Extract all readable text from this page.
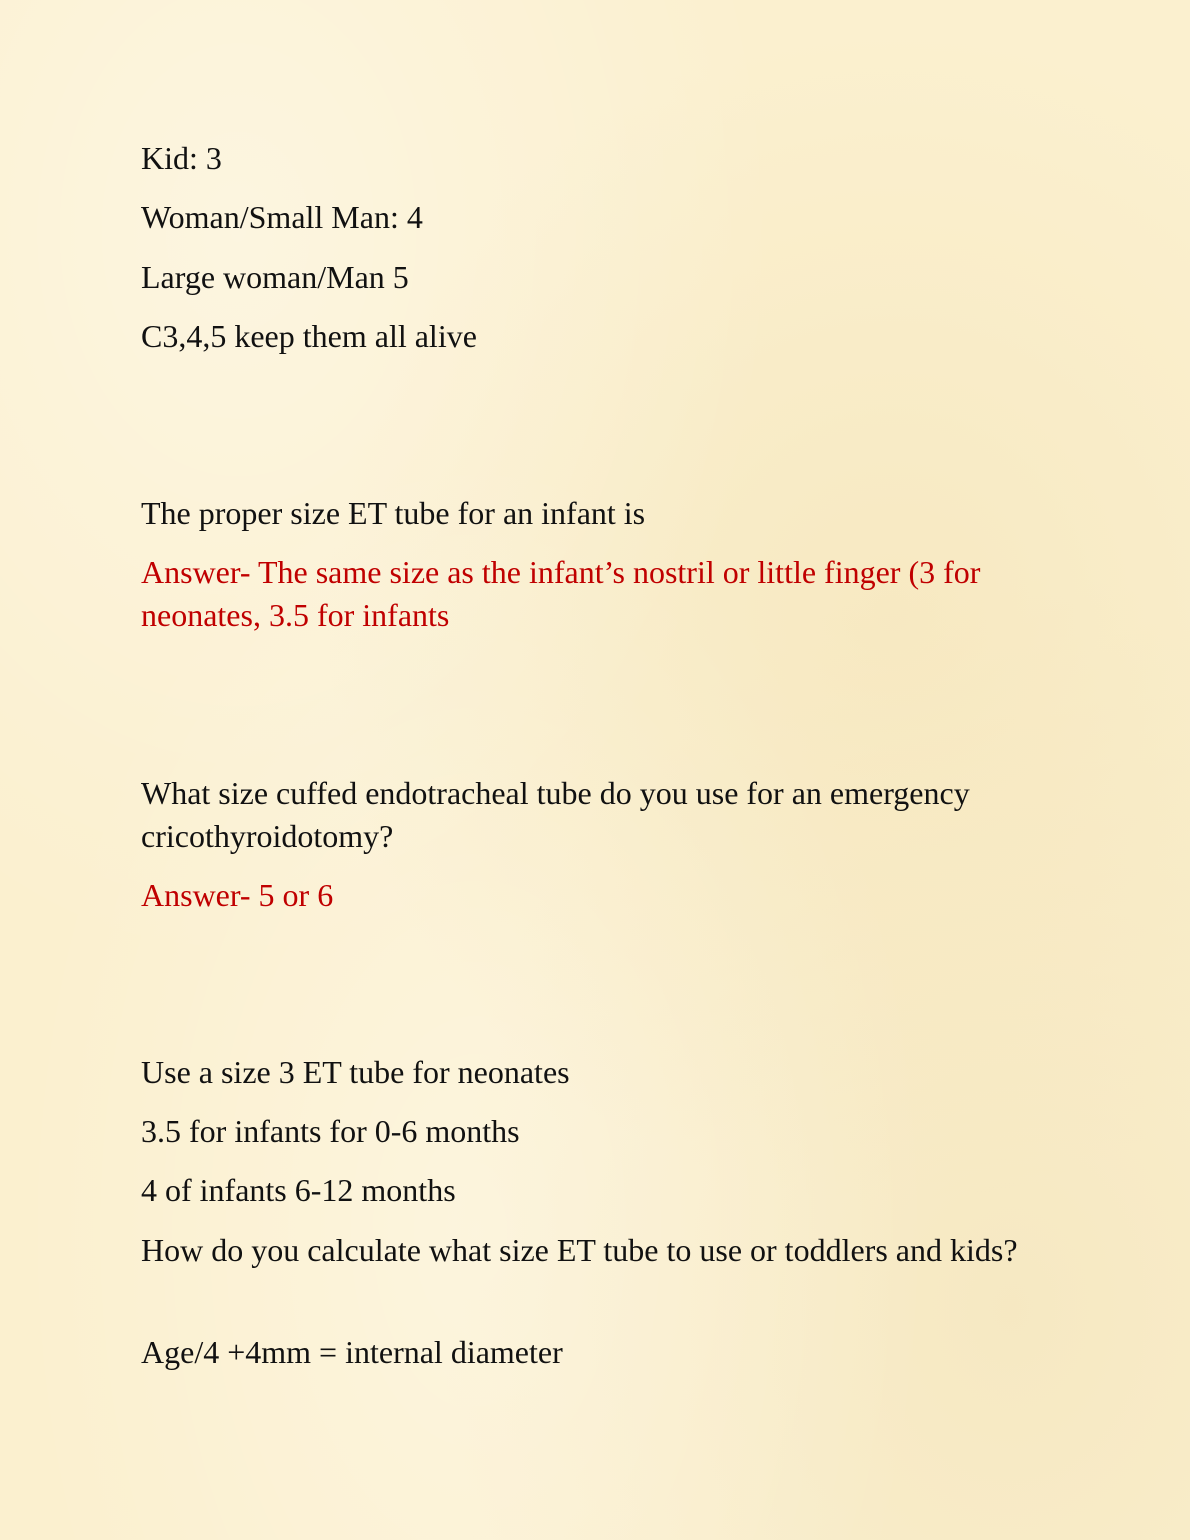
Kid: 3
Woman/Small Man: 4
Large woman/Man 5
C3,4,5 keep them all alive
The proper size ET tube for an infant is
Answer- The same size as the infant’s nostril or little finger (3 for neonates, 3.5 for infants
What size cuffed endotracheal tube do you use for an emergency cricothyroidotomy?
Answer- 5 or 6
Use a size 3 ET tube for neonates
3.5 for infants for 0-6 months
4 of infants 6-12 months
How do you calculate what size ET tube to use or toddlers and kids?
Age/4 +4mm = internal diameter
